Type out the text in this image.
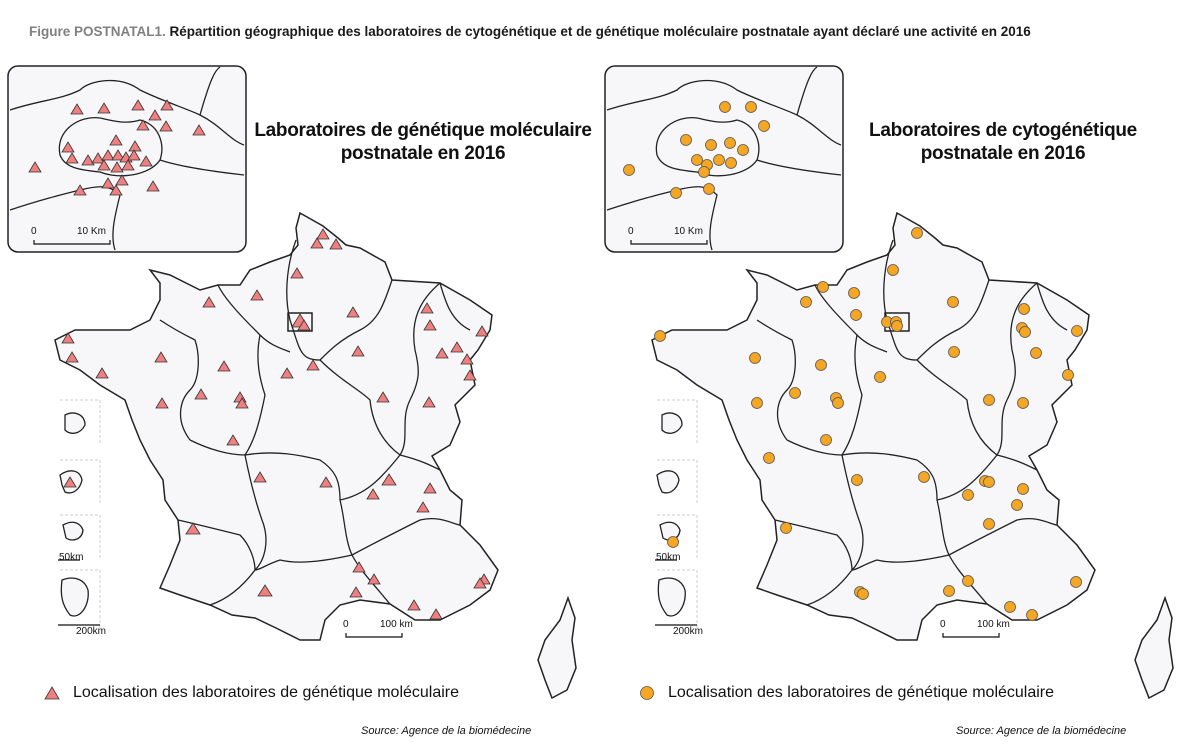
Figure POSTNATAL1. Répartition géographique des laboratoires de cytogénétique et de génétique moléculaire postnatale ayant déclaré une activité en 2016
0	10 Km
50km
200km
0	100 km
0	10 Km
50km
200km
0	100 km
Laboratoires de génétique moléculaire
postnatale en 2016
Laboratoires de cytogénétique
postnatale en 2016
Localisation des laboratoires de génétique moléculaire	Localisation des laboratoires de génétique moléculaire
Source: Agence de la biomédecine	Source: Agence de la biomédecine
